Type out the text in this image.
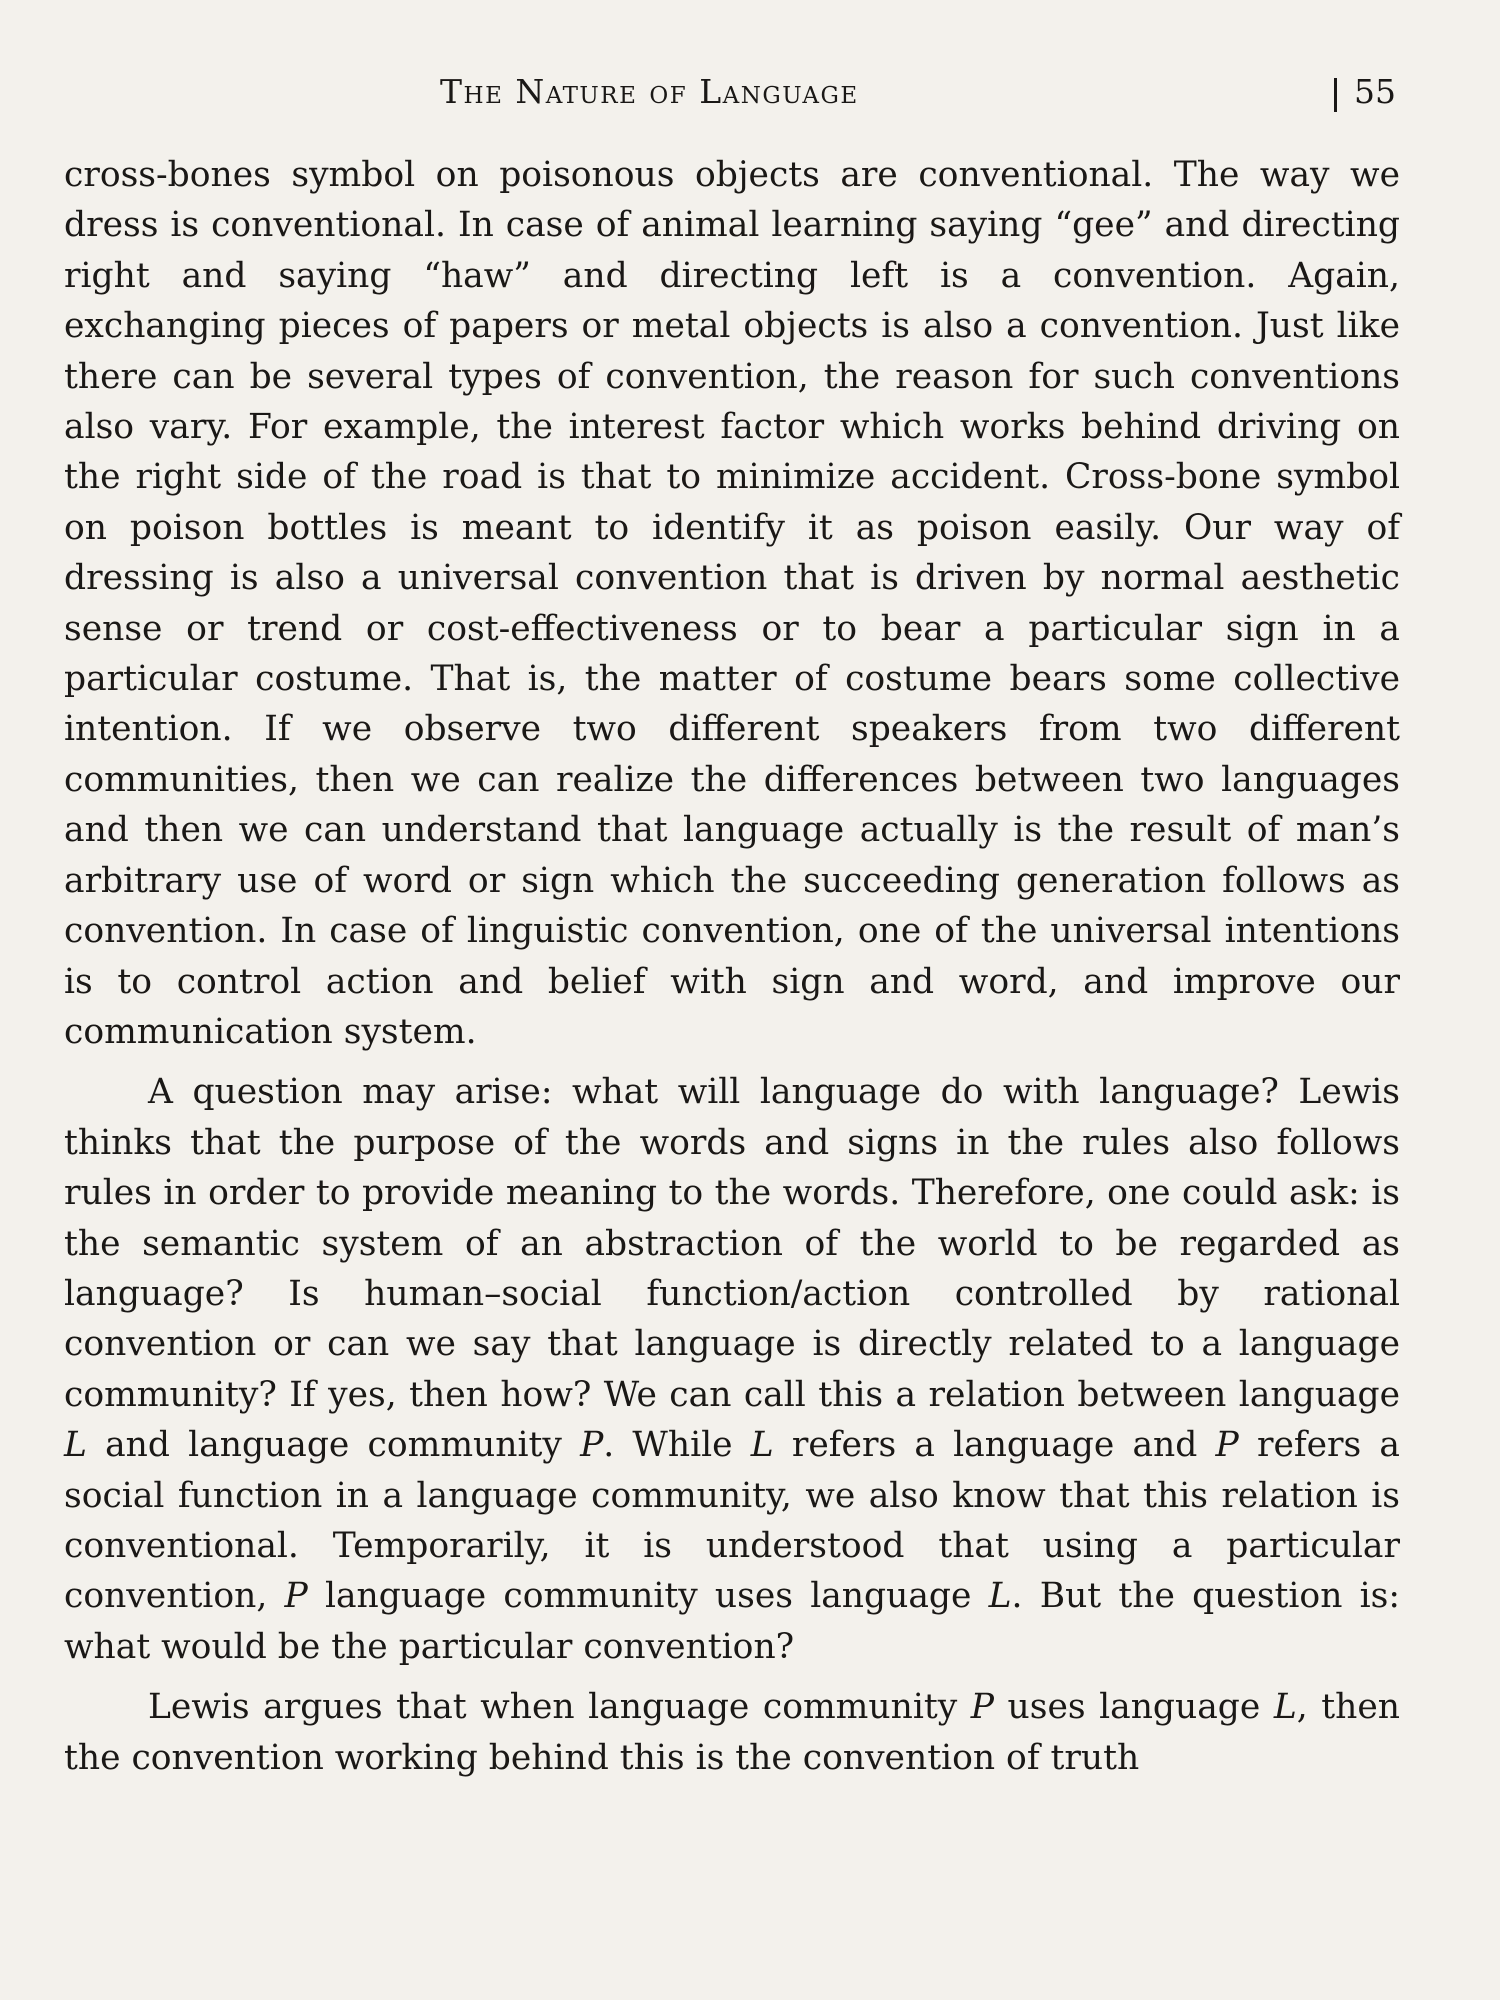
The Nature of Language	55

cross-bones symbol on poisonous objects are conventional. The way we dress is conventional. In case of animal learning saying “gee” and directing right and saying “haw” and directing left is a convention. Again, exchanging pieces of papers or metal objects is also a convention. Just like there can be several types of convention, the reason for such conventions also vary. For example, the interest factor which works behind driving on the right side of the road is that to minimize accident. Cross-bone symbol on poison bottles is meant to identify it as poison easily. Our way of dressing is also a universal convention that is driven by normal aesthetic sense or trend or cost-effectiveness or to bear a particular sign in a particular costume. That is, the matter of costume bears some collective intention. If we observe two different speakers from two different communities, then we can realize the differences between two languages and then we can understand that language actually is the result of man’s arbitrary use of word or sign which the succeeding generation follows as convention. In case of linguistic convention, one of the universal intentions is to control action and belief with sign and word, and improve our communication system.

A question may arise: what will language do with language? Lewis thinks that the purpose of the words and signs in the rules also follows rules in order to provide meaning to the words. Therefore, one could ask: is the semantic system of an abstraction of the world to be regarded as language? Is human–social function/action controlled by rational convention or can we say that language is directly related to a language community? If yes, then how? We can call this a relation between language L and language community P. While L refers a language and P refers a social function in a language community, we also know that this relation is conventional. Temporarily, it is understood that using a particular convention, P language community uses language L. But the question is: what would be the particular convention?

Lewis argues that when language community P uses language L, then the convention working behind this is the convention of truth
